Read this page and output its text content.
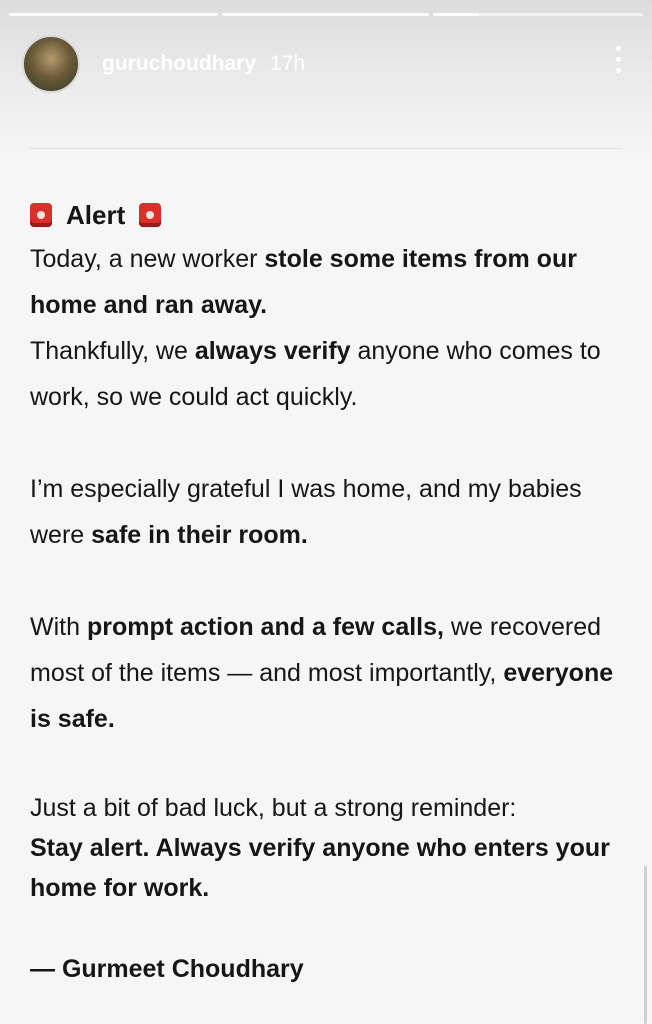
guruchoudhary 17h
Alert

Today, a new worker stole some items from our home and ran away.

Thankfully, we always verify anyone who comes to work, so we could act quickly.

I’m especially grateful I was home, and my babies were safe in their room.

With prompt action and a few calls, we recovered most of the items — and most importantly, everyone is safe.

Just a bit of bad luck, but a strong reminder:
Stay alert. Always verify anyone who enters your home for work.

— Gurmeet Choudhary
